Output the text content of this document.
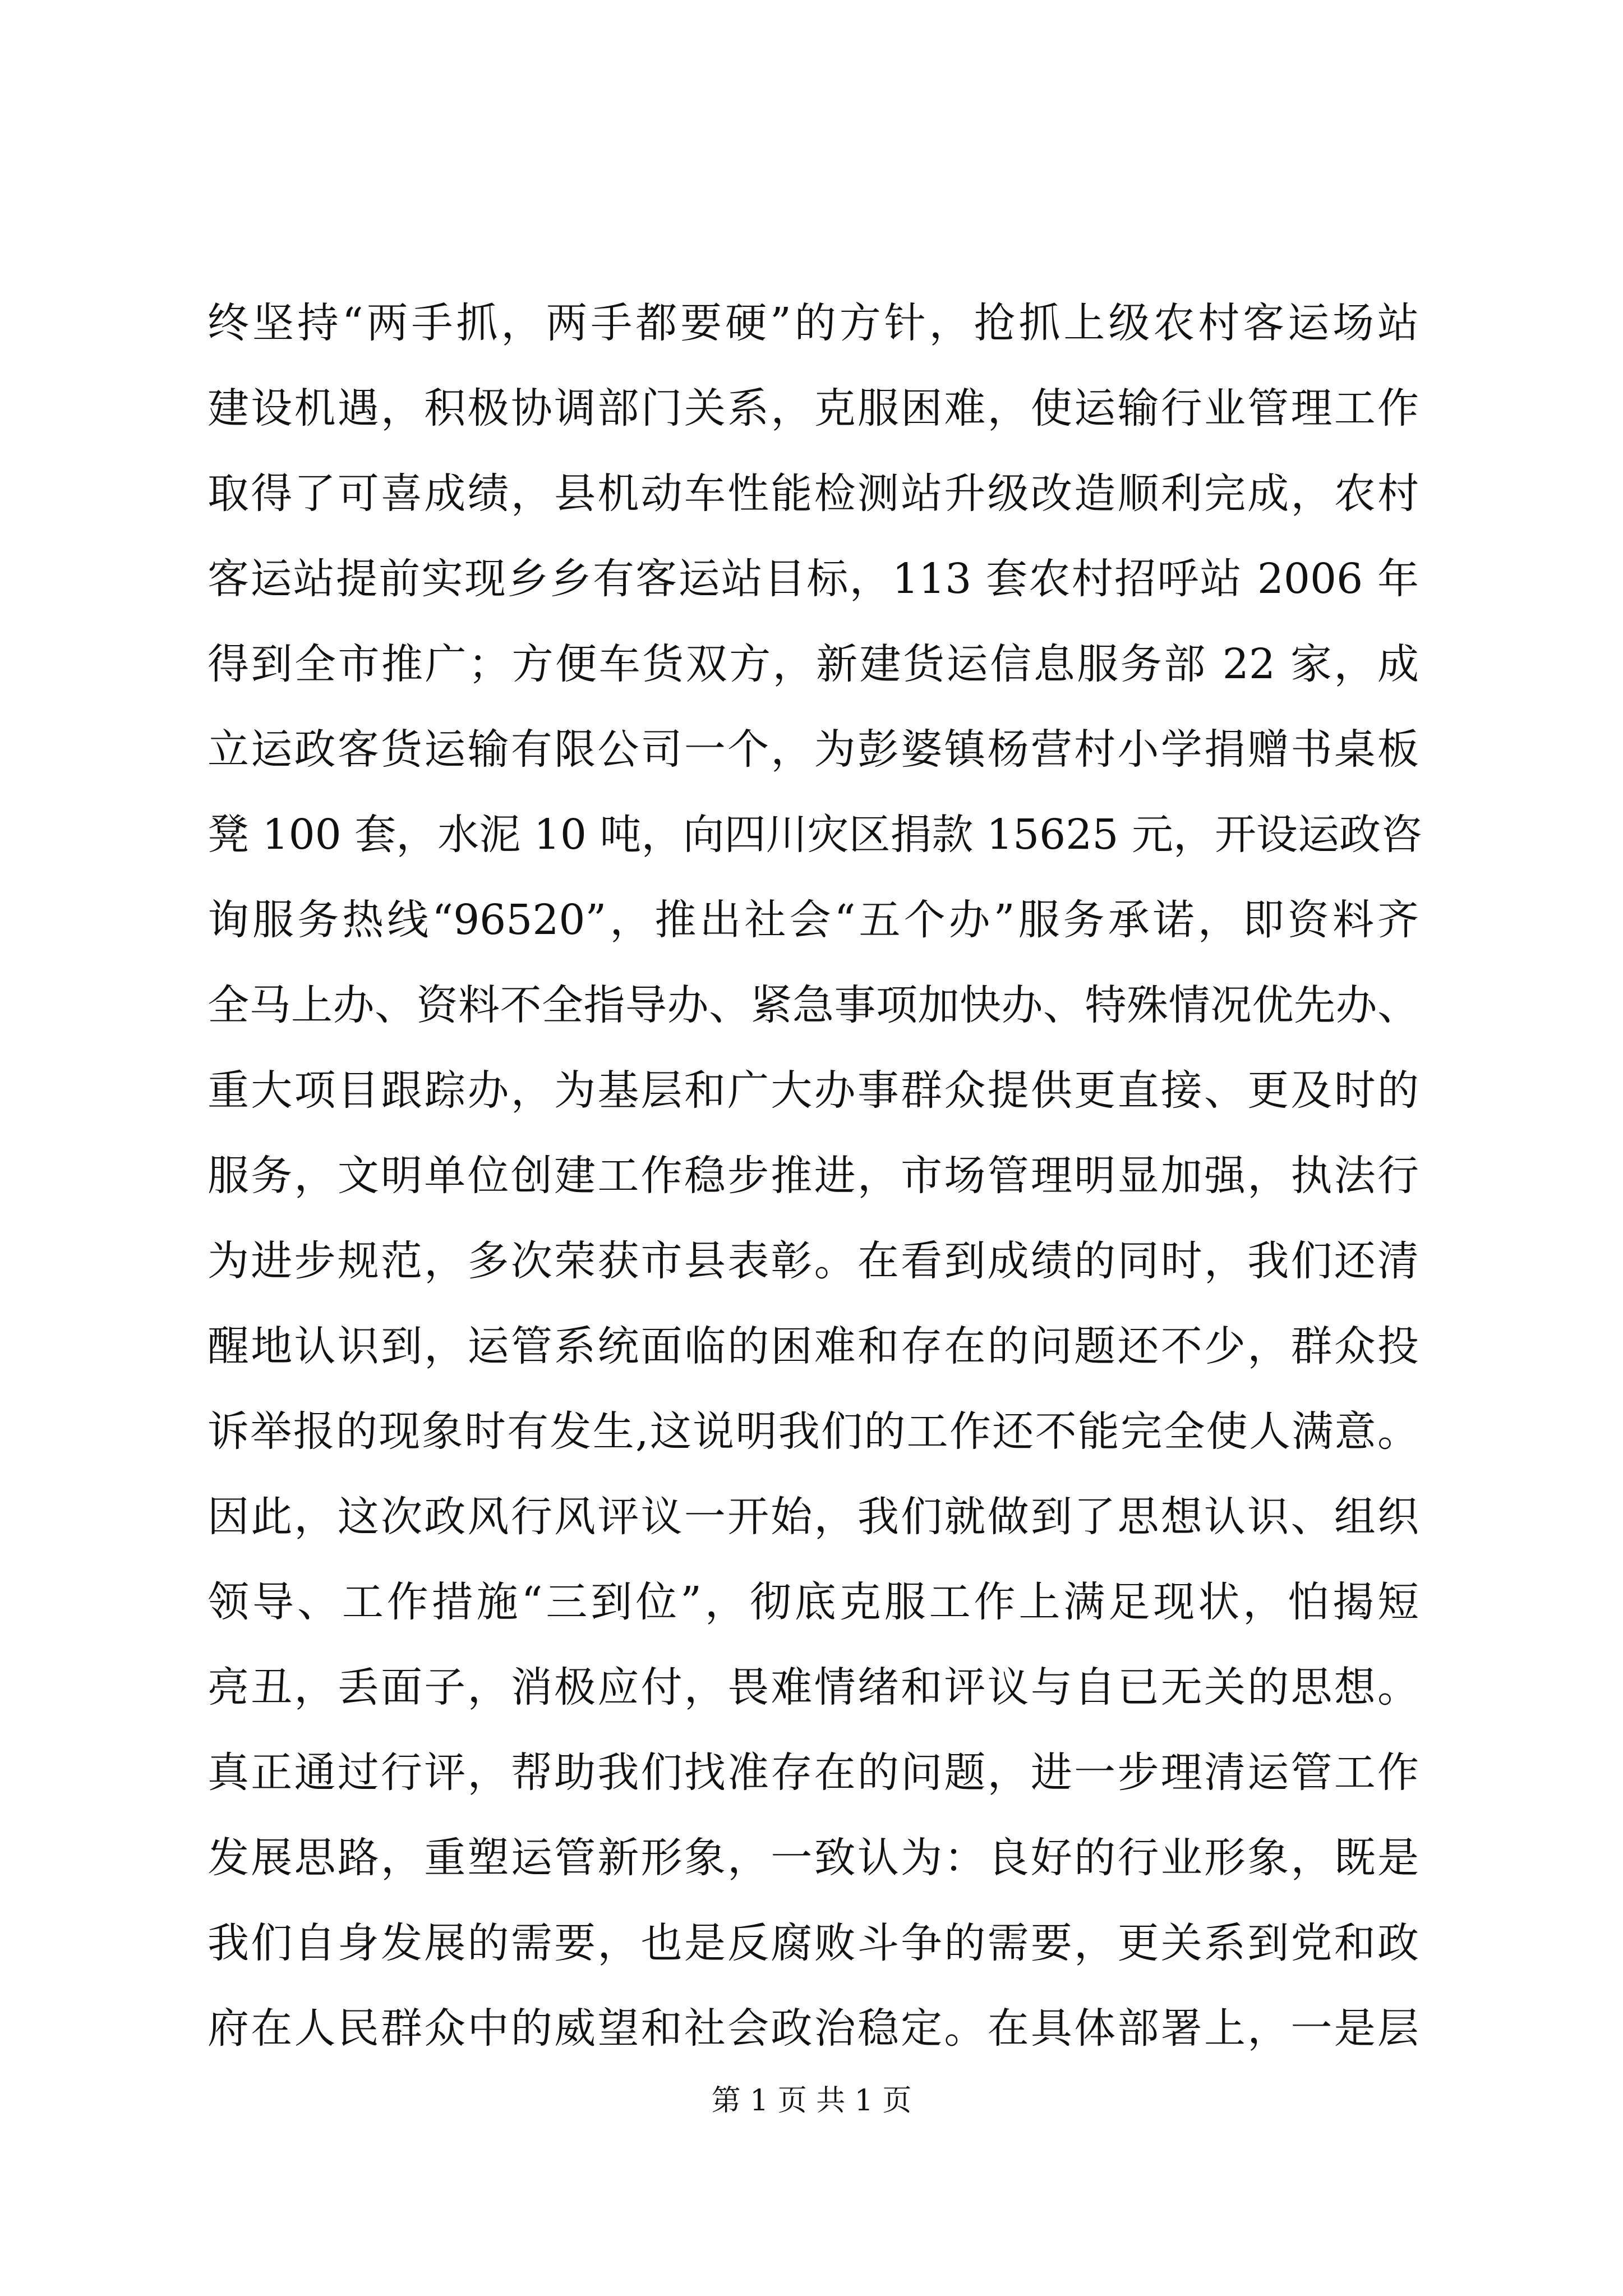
终坚持“两手抓，两手都要硬”的方针，抢抓上级农村客运场站
建设机遇，积极协调部门关系，克服困难，使运输行业管理工作
取得了可喜成绩，县机动车性能检测站升级改造顺利完成，农村
客运站提前实现乡乡有客运站目标，113 套农村招呼站 2006 年
得到全市推广；方便车货双方，新建货运信息服务部 22 家，成
立运政客货运输有限公司一个，为彭婆镇杨营村小学捐赠书桌板
凳 100 套，水泥 10 吨，向四川灾区捐款 15625 元，开设运政咨
询服务热线“96520”，推出社会“五个办”服务承诺，即资料齐
全马上办、资料不全指导办、紧急事项加快办、特殊情况优先办、
重大项目跟踪办，为基层和广大办事群众提供更直接、更及时的
服务，文明单位创建工作稳步推进，市场管理明显加强，执法行
为进步规范，多次荣获市县表彰。在看到成绩的同时，我们还清
醒地认识到，运管系统面临的困难和存在的问题还不少，群众投
诉举报的现象时有发生,这说明我们的工作还不能完全使人满意。
因此，这次政风行风评议一开始，我们就做到了思想认识、组织
领导、工作措施“三到位”，彻底克服工作上满足现状，怕揭短
亮丑，丢面子，消极应付，畏难情绪和评议与自已无关的思想。
真正通过行评，帮助我们找准存在的问题，进一步理清运管工作
发展思路，重塑运管新形象，一致认为：良好的行业形象，既是
我们自身发展的需要，也是反腐败斗争的需要，更关系到党和政
府在人民群众中的威望和社会政治稳定。在具体部署上，一是层
第 1 页 共 1 页
